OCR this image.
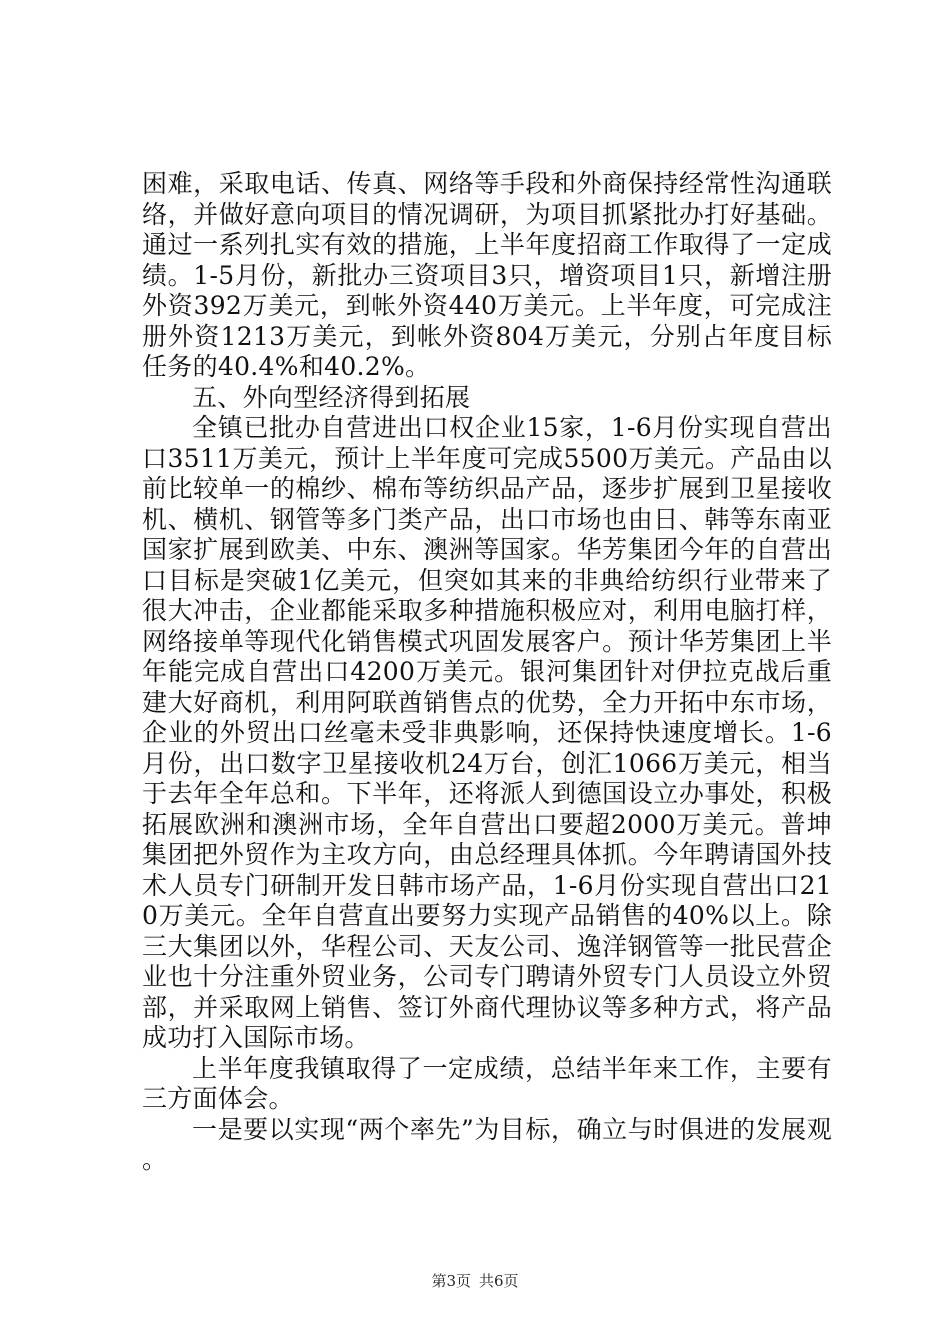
困难，采取电话、传真、网络等手段和外商保持经常性沟通联络，并做好意向项目的情况调研，为项目抓紧批办打好基础。通过一系列扎实有效的措施，上半年度招商工作取得了一定成绩。1-5月份，新批办三资项目3只，增资项目1只，新增注册外资392万美元，到帐外资440万美元。上半年度，可完成注册外资1213万美元，到帐外资804万美元，分别占年度目标任务的40.4%和40.2%。

五、外向型经济得到拓展

全镇已批办自营进出口权企业15家，1-6月份实现自营出口3511万美元，预计上半年度可完成5500万美元。产品由以前比较单一的棉纱、棉布等纺织品产品，逐步扩展到卫星接收机、横机、钢管等多门类产品，出口市场也由日、韩等东南亚国家扩展到欧美、中东、澳洲等国家。华芳集团今年的自营出口目标是突破1亿美元，但突如其来的非典给纺织行业带来了很大冲击，企业都能采取多种措施积极应对，利用电脑打样，网络接单等现代化销售模式巩固发展客户。预计华芳集团上半年能完成自营出口4200万美元。银河集团针对伊拉克战后重建大好商机，利用阿联酋销售点的优势，全力开拓中东市场，企业的外贸出口丝毫未受非典影响，还保持快速度增长。1-6月份，出口数字卫星接收机24万台，创汇1066万美元，相当于去年全年总和。下半年，还将派人到德国设立办事处，积极拓展欧洲和澳洲市场，全年自营出口要超2000万美元。普坤集团把外贸作为主攻方向，由总经理具体抓。今年聘请国外技术人员专门研制开发日韩市场产品，1-6月份实现自营出口210万美元。全年自营直出要努力实现产品销售的40%以上。除三大集团以外，华程公司、天友公司、逸洋钢管等一批民营企业也十分注重外贸业务，公司专门聘请外贸专门人员设立外贸部，并采取网上销售、签订外商代理协议等多种方式，将产品成功打入国际市场。

上半年度我镇取得了一定成绩，总结半年来工作，主要有三方面体会。

一是要以实现“两个率先”为目标，确立与时俱进的发展观。

第3页 共6页
